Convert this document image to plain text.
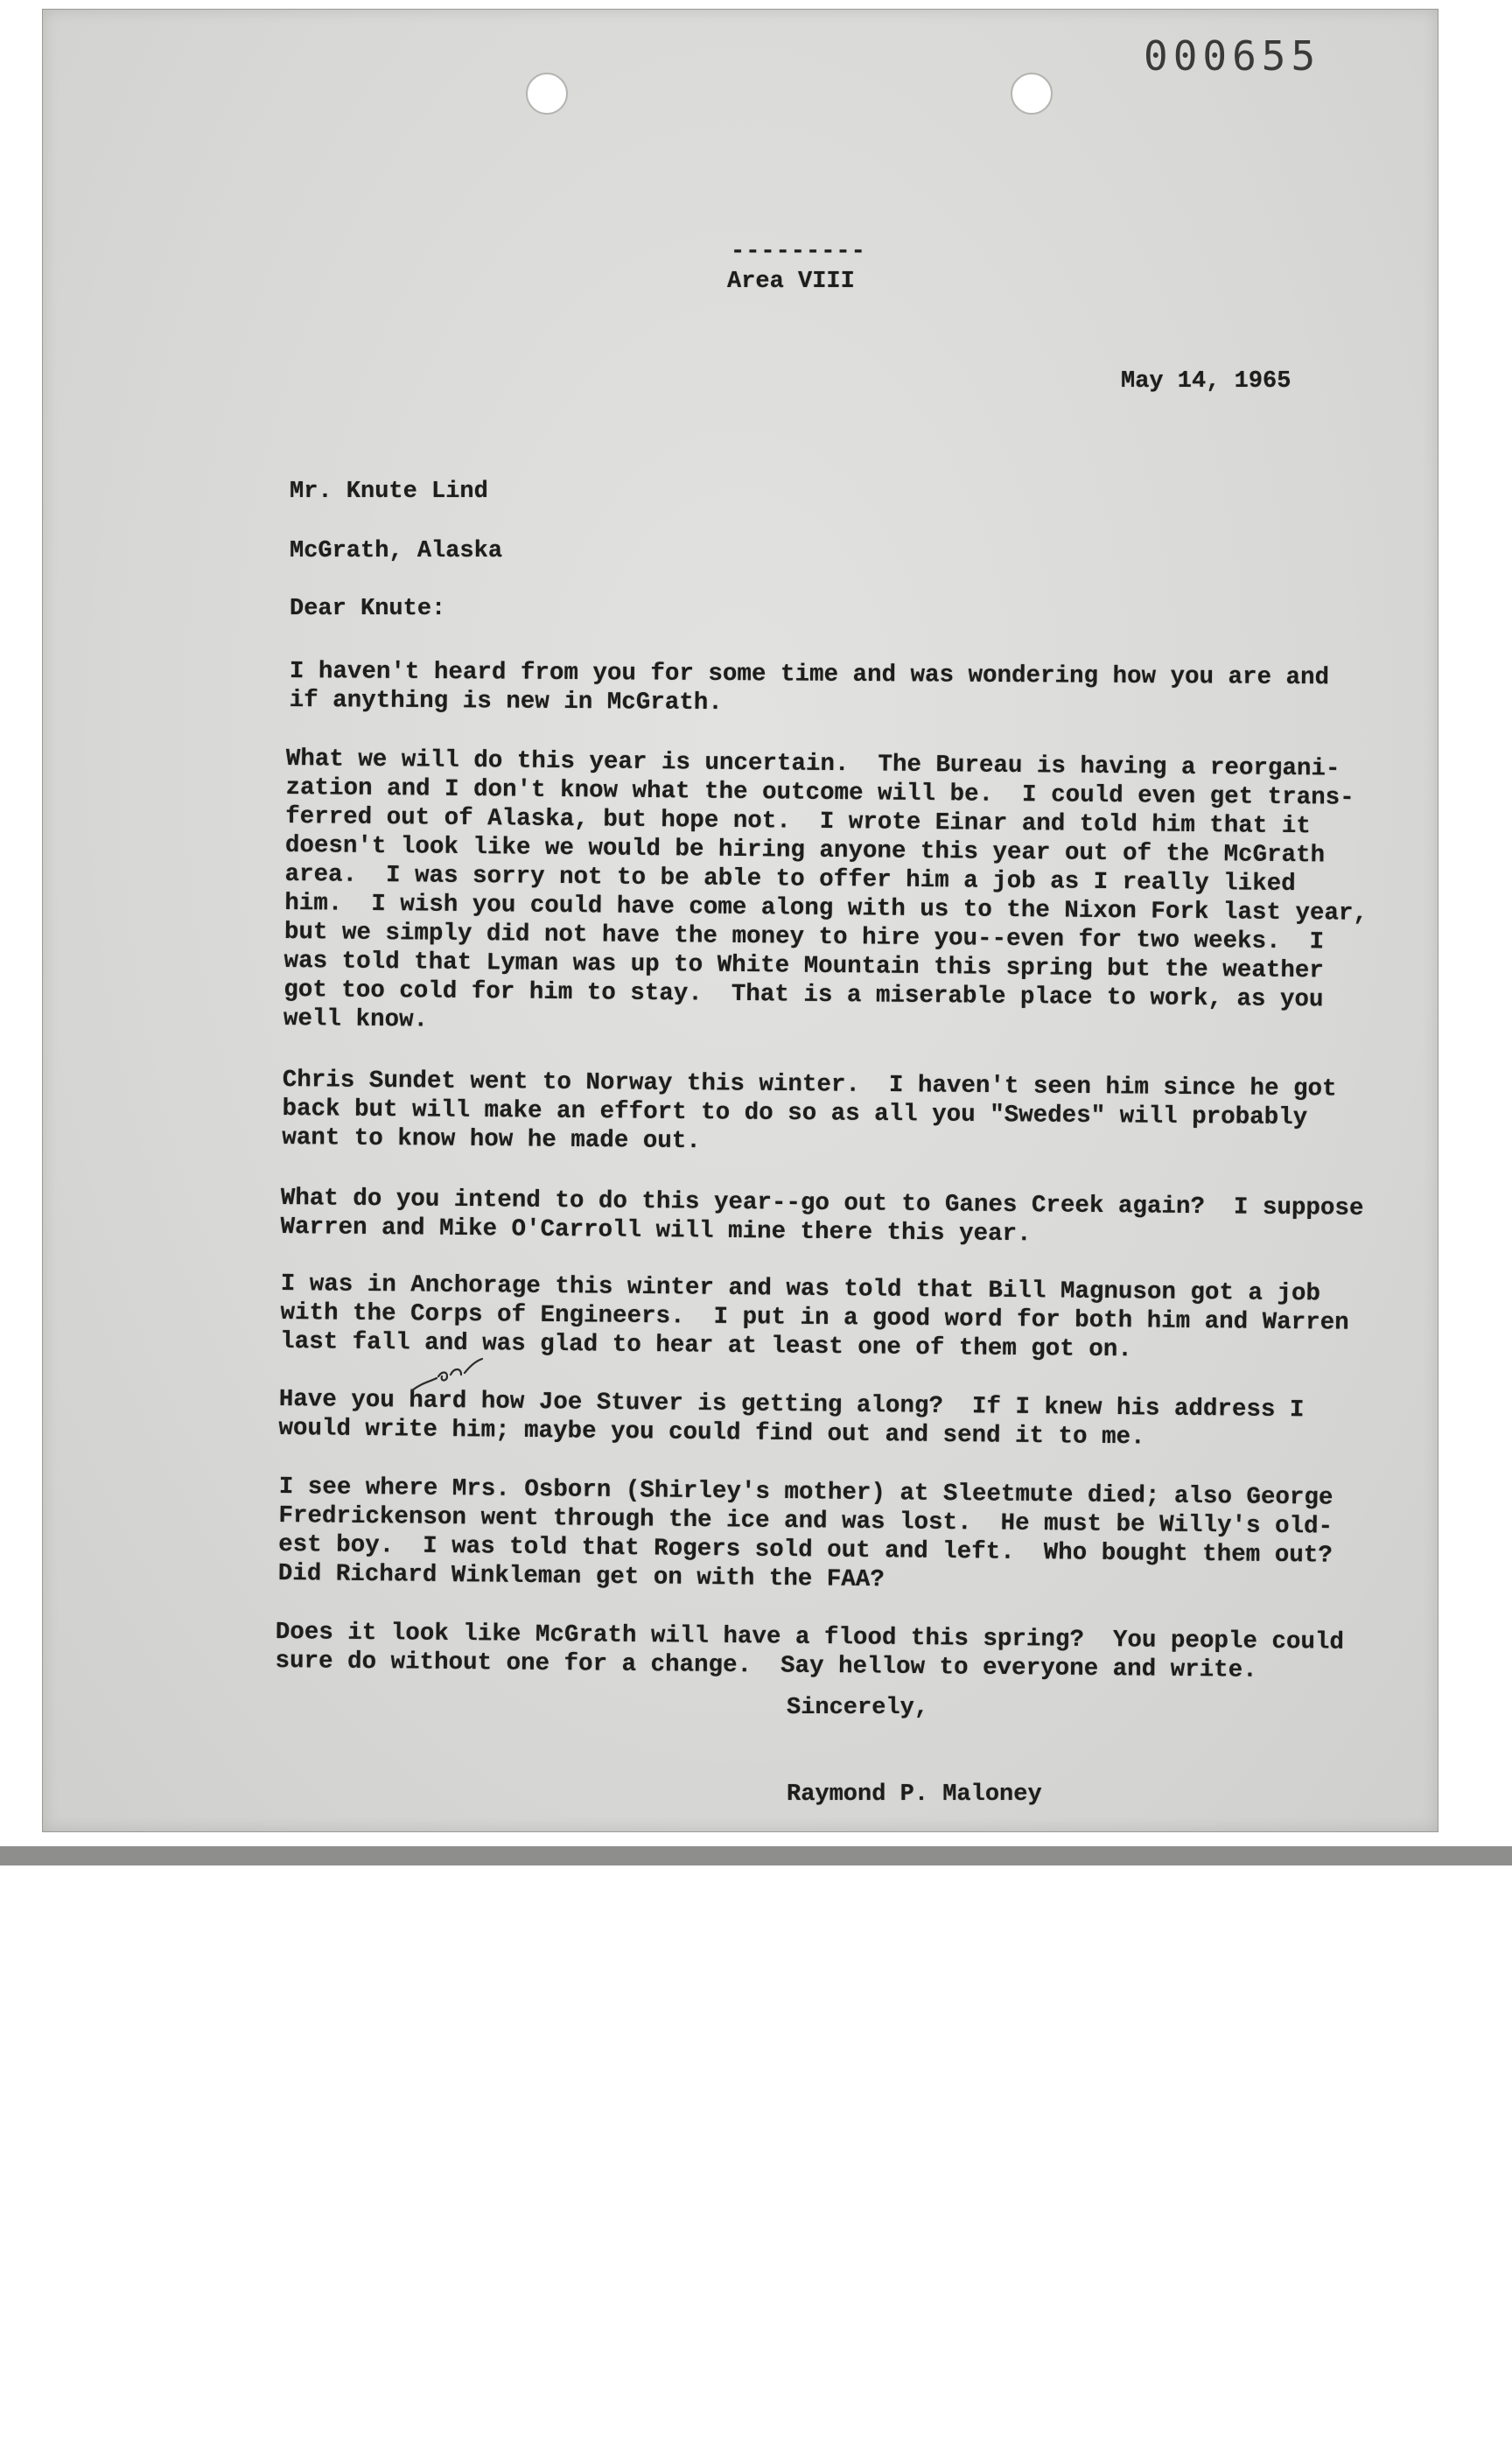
000655
---------
Area VIII
May 14, 1965
Mr. Knute Lind
McGrath, Alaska
Dear Knute:
I haven't heard from you for some time and was wondering how you are and
if anything is new in McGrath.
What we will do this year is uncertain.  The Bureau is having a reorgani-
zation and I don't know what the outcome will be.  I could even get trans-
ferred out of Alaska, but hope not.  I wrote Einar and told him that it
doesn't look like we would be hiring anyone this year out of the McGrath
area.  I was sorry not to be able to offer him a job as I really liked
him.  I wish you could have come along with us to the Nixon Fork last year,
but we simply did not have the money to hire you--even for two weeks.  I
was told that Lyman was up to White Mountain this spring but the weather
got too cold for him to stay.  That is a miserable place to work, as you
well know.
Chris Sundet went to Norway this winter.  I haven't seen him since he got
back but will make an effort to do so as all you "Swedes" will probably
want to know how he made out.
What do you intend to do this year--go out to Ganes Creek again?  I suppose
Warren and Mike O'Carroll will mine there this year.
I was in Anchorage this winter and was told that Bill Magnuson got a job
with the Corps of Engineers.  I put in a good word for both him and Warren
last fall and was glad to hear at least one of them got on.
Have you hard how Joe Stuver is getting along?  If I knew his address I
would write him; maybe you could find out and send it to me.
I see where Mrs. Osborn (Shirley's mother) at Sleetmute died; also George
Fredrickenson went through the ice and was lost.  He must be Willy's old-
est boy.  I was told that Rogers sold out and left.  Who bought them out?
Did Richard Winkleman get on with the FAA?
Does it look like McGrath will have a flood this spring?  You people could
sure do without one for a change.  Say hellow to everyone and write.
Sincerely,
Raymond P. Maloney
